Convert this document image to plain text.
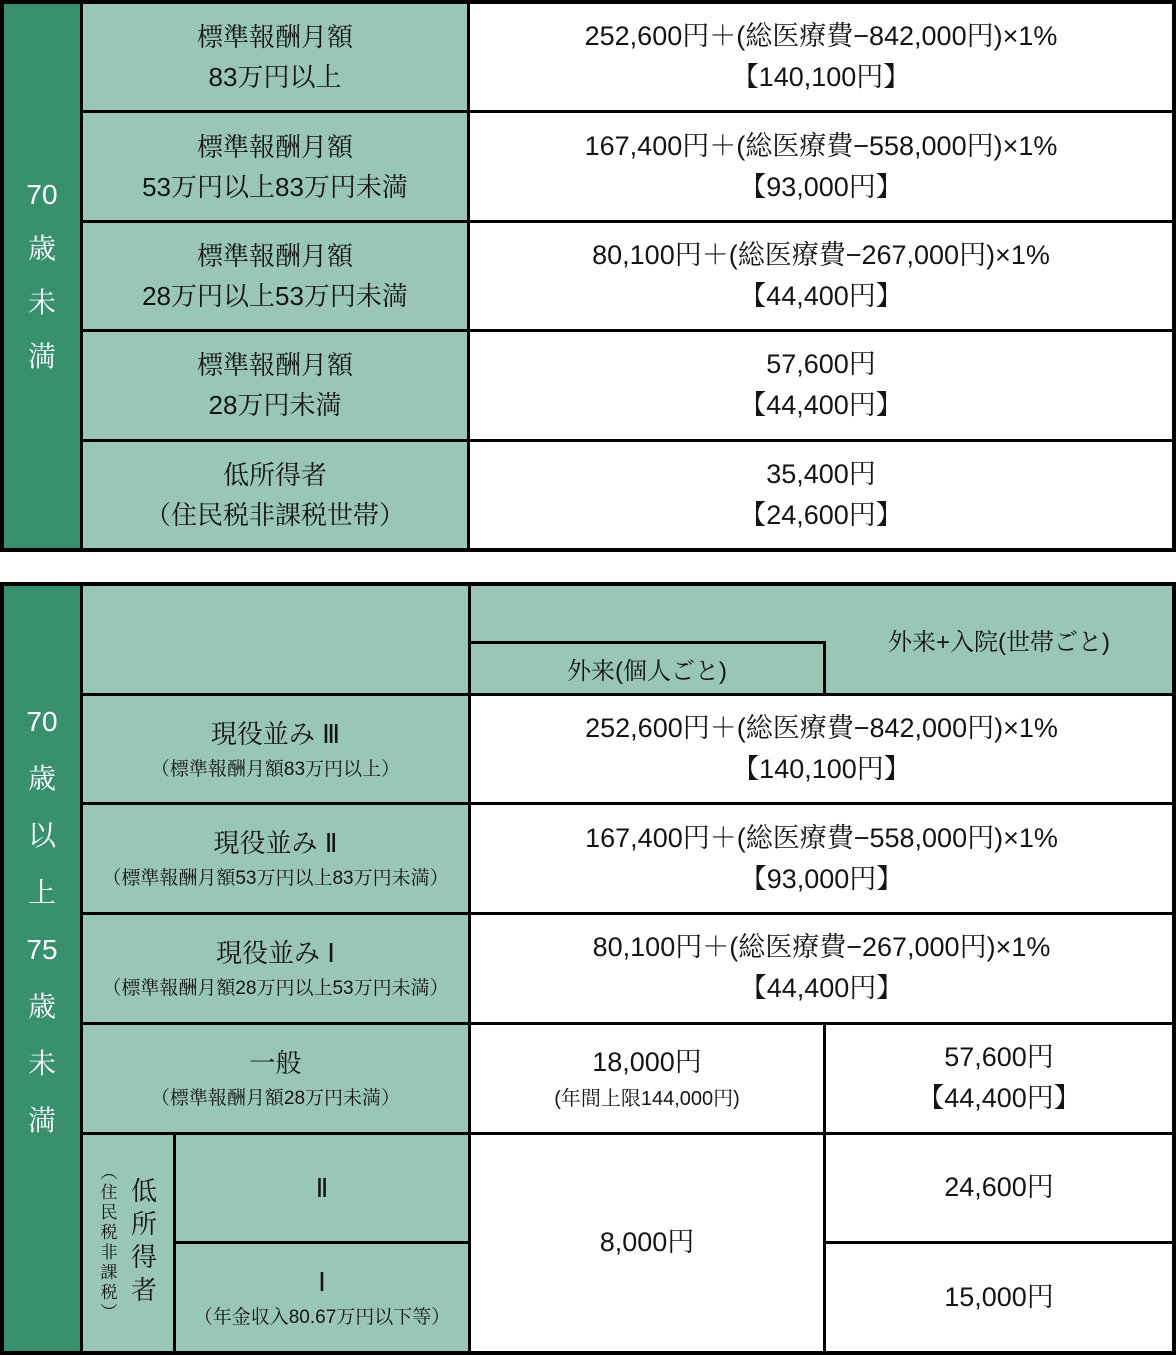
70
歳
未
満
標準報酬月額
83万円以上
252,600円＋(総医療費−842,000円)×1%
【140,100円】
標準報酬月額
53万円以上83万円未満
167,400円＋(総医療費−558,000円)×1%
【93,000円】
標準報酬月額
28万円以上53万円未満
80,100円＋(総医療費−267,000円)×1%
【44,400円】
標準報酬月額
28万円未満
57,600円
【44,400円】
低所得者
（住民税非課税世帯）
35,400円
【24,600円】
70
歳
以
上
75
歳
未
満
外来+入院(世帯ごと)
外来(個人ごと)
現役並み Ⅲ
（標準報酬月額83万円以上）
252,600円＋(総医療費−842,000円)×1%
【140,100円】
現役並み Ⅱ
（標準報酬月額53万円以上83万円未満）
167,400円＋(総医療費−558,000円)×1%
【93,000円】
現役並み Ⅰ
（標準報酬月額28万円以上53万円未満）
80,100円＋(総医療費−267,000円)×1%
【44,400円】
一般
（標準報酬月額28万円未満）
18,000円
(年間上限144,000円)
57,600円
【44,400円】
（住民税非課税） 低所得者	Ⅱ
Ⅰ
（年金収入80.67万円以下等）
8,000円
24,600円
15,000円
